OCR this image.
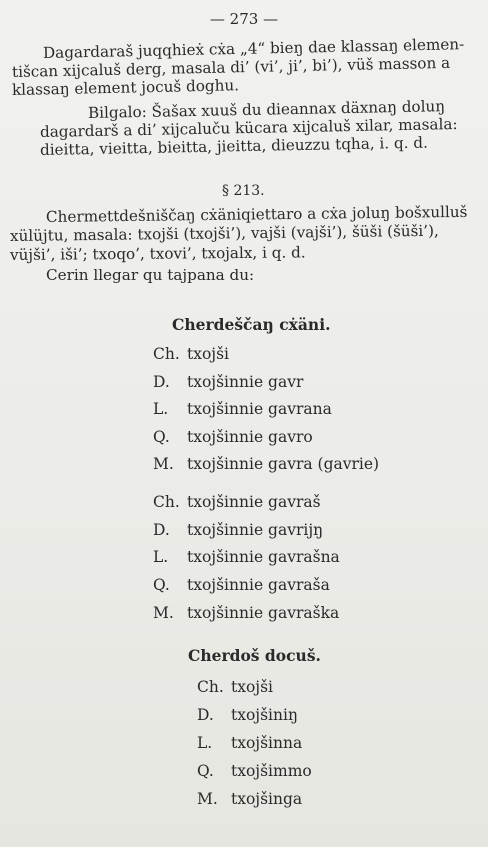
— 273 —
Dagardaraš juqqhieẋ cẋa „4“ bieŋ dae klassaŋ elemen-
tišcan xijcaluš derg, masala di’ (vi’, ji’, bi’), vüš masson a
klassaŋ element jocuš doghu.
Bilgalo: Šašax xuuš du dieannax däxnaŋ doluŋ
dagardarš a di’ xijcaluču kücara xijcaluš xilar, masala:
dieitta, vieitta, bieitta, jieitta, dieuzzu tqha, i. q. d.
§ 213.
Chermettdešniščaŋ cẋäniqiettaro a cẋa joluŋ bošxulluš
xülüjtu, masala: txojši (txojši’), vajši (vajši’), šüši (šüši’),
vüjši’, iši’; txoqo’, txovi’, txojalx, i q. d.
Cerin llegar qu tajpana du:
Cherdeščaŋ cẋäni.
Ch. txojši
D. txojšinnie gavr
L. txojšinnie gavrana
Q. txojšinnie gavro
M. txojšinnie gavra (gavrie)
Ch. txojšinnie gavraš
D. txojšinnie gavrijŋ
L. txojšinnie gavrašna
Q. txojšinnie gavraša
M. txojšinnie gavraška
Cherdoš docuš.
Ch. txojši
D. txojšiniŋ
L. txojšinna
Q. txojšimmo
M. txojšinga
